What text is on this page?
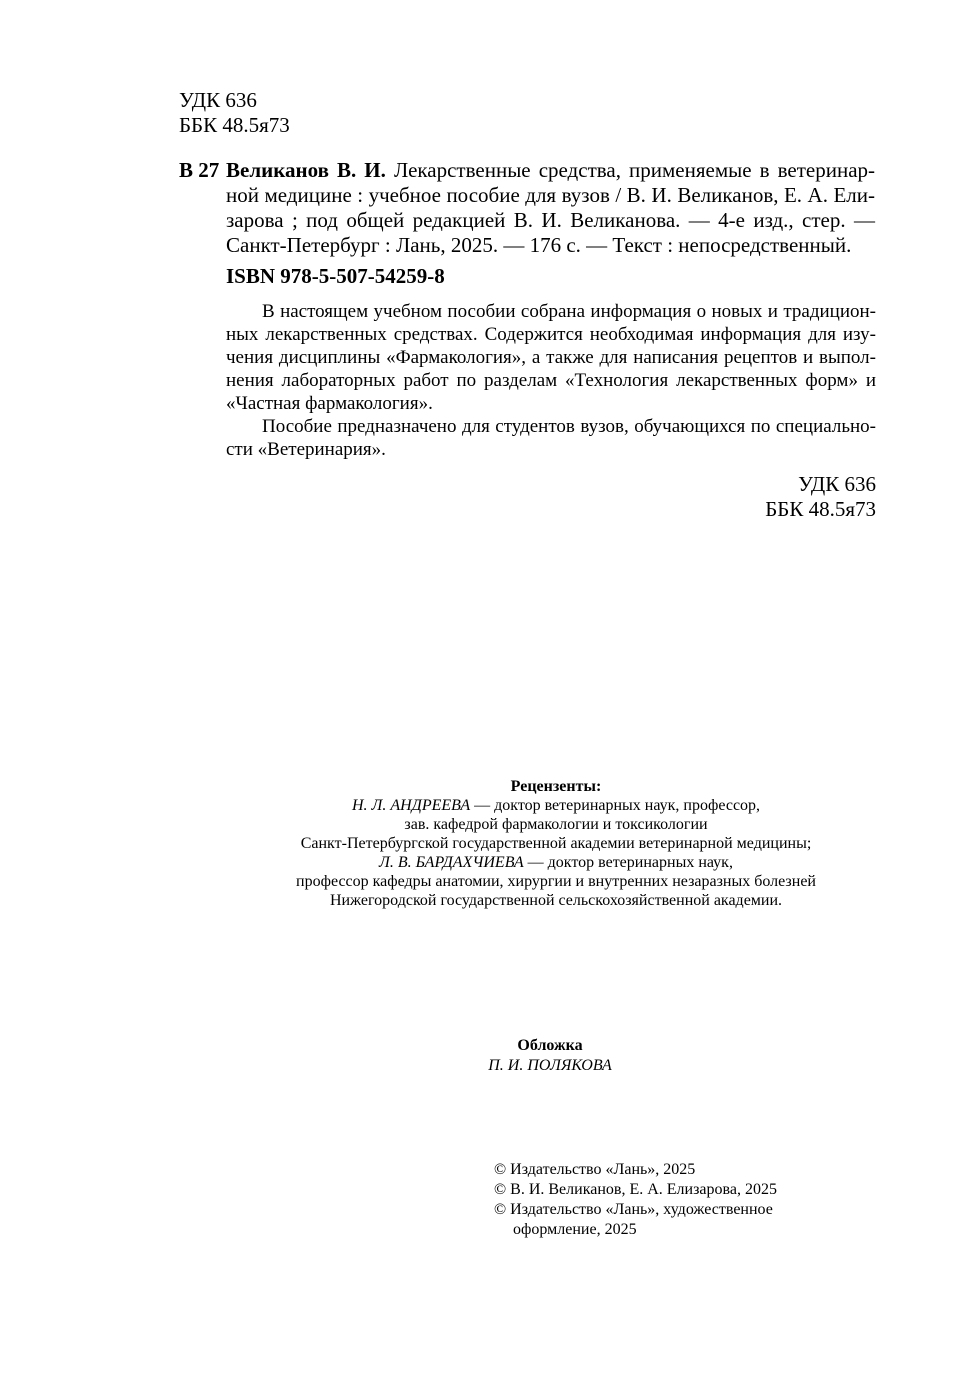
УДК 636
ББК 48.5я73
В 27 Великанов В. И. Лекарственные средства, применяемые в ветеринар-
ной медицине : учебное пособие для вузов / В. И. Великанов, Е. А. Ели-
зарова ; под общей редакцией В. И. Великанова. — 4-е изд., стер. —
Санкт-Петербург : Лань, 2025. — 176 с. — Текст : непосредственный.
ISBN 978-5-507-54259-8
В настоящем учебном пособии собрана информация о новых и традицион-
ных лекарственных средствах. Содержится необходимая информация для изу-
чения дисциплины «Фармакология», а также для написания рецептов и выпол-
нения лабораторных работ по разделам «Технология лекарственных форм» и
«Частная фармакология».
Пособие предназначено для студентов вузов, обучающихся по специально-
сти «Ветеринария».
УДК 636
ББК 48.5я73
Рецензенты:
Н. Л. АНДРЕЕВА — доктор ветеринарных наук, профессор,
зав. кафедрой фармакологии и токсикологии
Санкт-Петербургской государственной академии ветеринарной медицины;
Л. В. БАРДАХЧИЕВА — доктор ветеринарных наук,
профессор кафедры анатомии, хирургии и внутренних незаразных болезней
Нижегородской государственной сельскохозяйственной академии.
Обложка
П. И. ПОЛЯКОВА
© Издательство «Лань», 2025
© В. И. Великанов, Е. А. Елизарова, 2025
© Издательство «Лань», художественное
оформление, 2025
